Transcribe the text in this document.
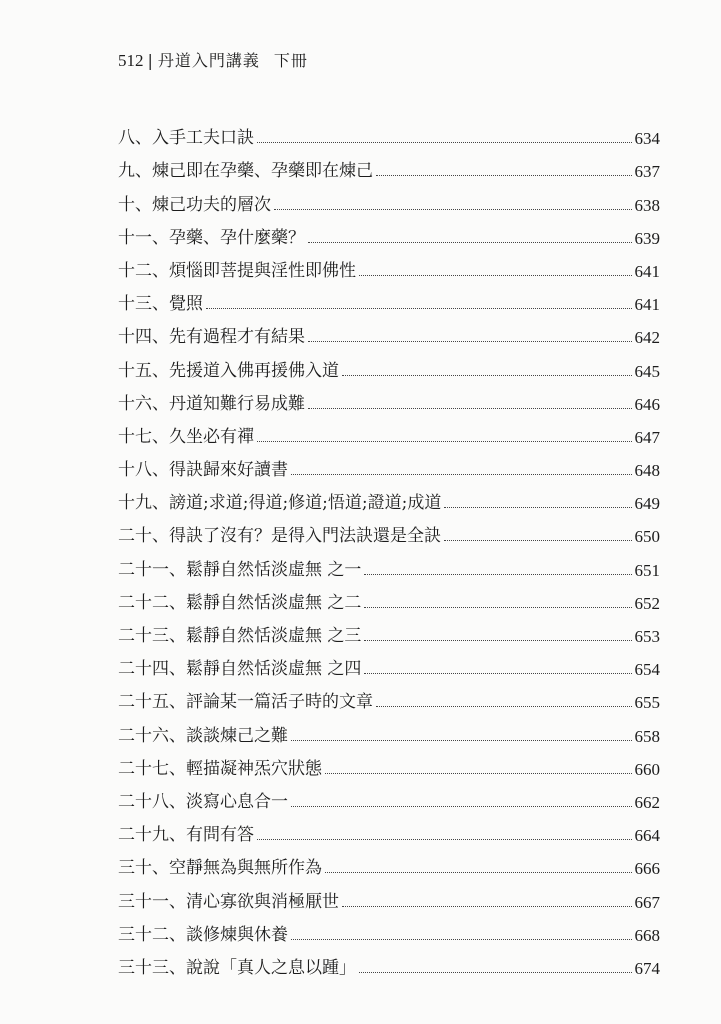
512 | 丹道入門講義 下冊
八、入手工夫口訣	634
九、煉己即在孕藥、孕藥即在煉己	637
十、煉己功夫的層次	638
十一、孕藥、孕什麼藥？	639
十二、煩惱即菩提與淫性即佛性	641
十三、覺照	641
十四、先有過程才有結果	642
十五、先援道入佛再援佛入道	645
十六、丹道知難行易成難	646
十七、久坐必有禪	647
十八、得訣歸來好讀書	648
十九、謗道;求道;得道;修道;悟道;證道;成道	649
二十、得訣了沒有？是得入門法訣還是全訣	650
二十一、鬆靜自然恬淡虛無 之一	651
二十二、鬆靜自然恬淡虛無 之二	652
二十三、鬆靜自然恬淡虛無 之三	653
二十四、鬆靜自然恬淡虛無 之四	654
二十五、評論某一篇活子時的文章	655
二十六、談談煉己之難	658
二十七、輕描凝神炁穴狀態	660
二十八、淡寫心息合一	662
二十九、有問有答	664
三十、空靜無為與無所作為	666
三十一、清心寡欲與消極厭世	667
三十二、談修煉與休養	668
三十三、說說「真人之息以踵」	674
